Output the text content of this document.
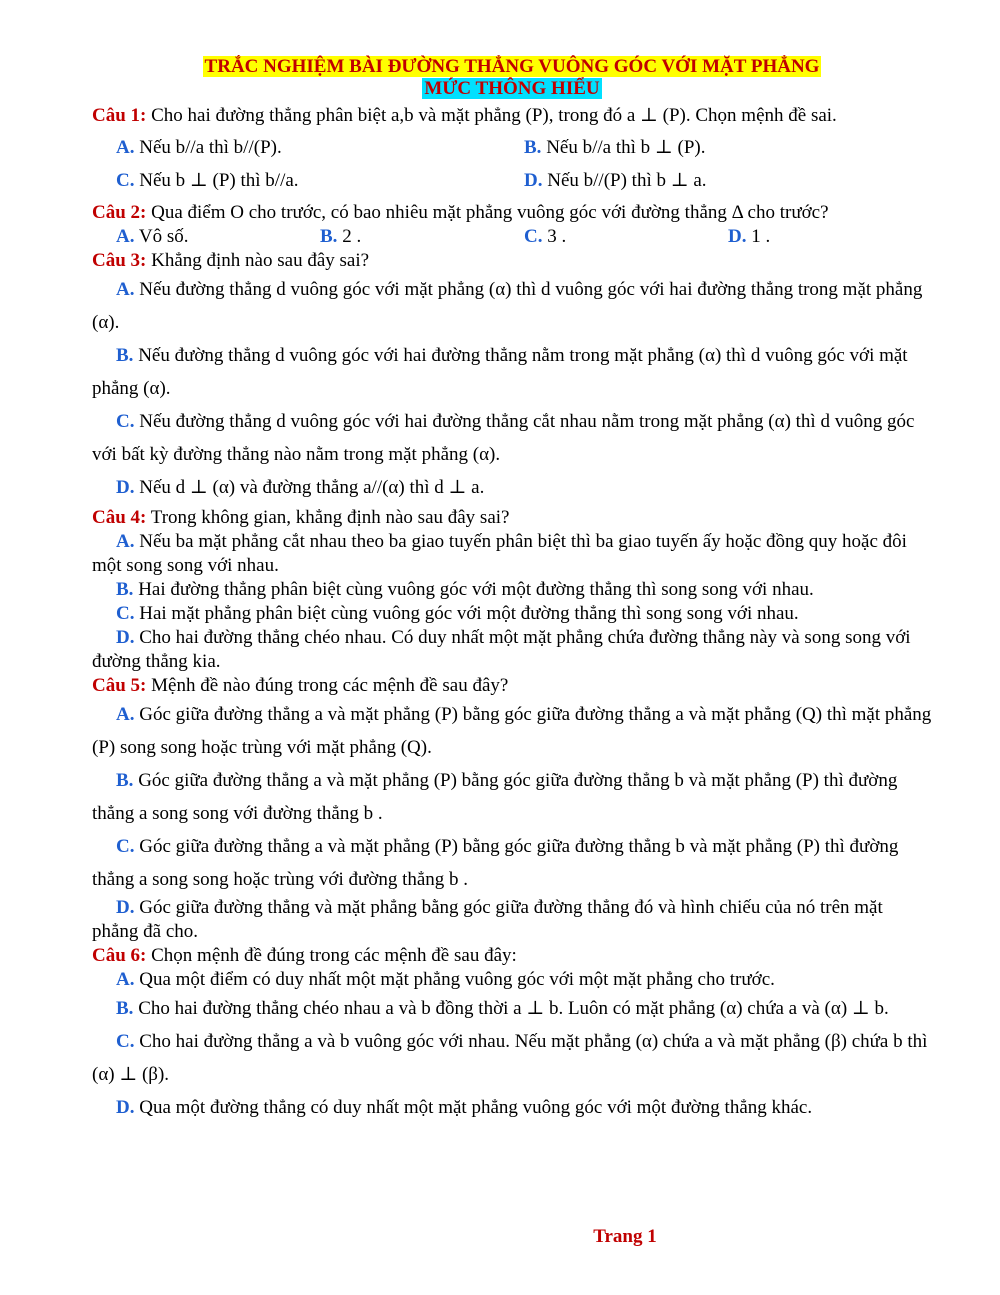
TRẮC NGHIỆM BÀI ĐƯỜNG THẲNG VUÔNG GÓC VỚI MẶT PHẲNG
MỨC THÔNG HIỂU

Câu 1: Cho hai đường thẳng phân biệt a,b và mặt phẳng (P), trong đó a ⊥ (P). Chọn mệnh đề sai.

A. Nếu b//a thì b//(P).	B. Nếu b//a thì b ⊥ (P).
C. Nếu b ⊥ (P) thì b//a.	D. Nếu b//(P) thì b ⊥ a.

Câu 2: Qua điểm O cho trước, có bao nhiêu mặt phẳng vuông góc với đường thẳng Δ cho trước?

A. Vô số.	B. 2 .	C. 3 .	D. 1 .

Câu 3: Khẳng định nào sau đây sai?

A. Nếu đường thẳng d vuông góc với mặt phẳng (α) thì d vuông góc với hai đường thẳng trong mặt phẳng (α).

B. Nếu đường thẳng d vuông góc với hai đường thẳng nằm trong mặt phẳng (α) thì d vuông góc với mặt phẳng (α).

C. Nếu đường thẳng d vuông góc với hai đường thẳng cắt nhau nằm trong mặt phẳng (α) thì d vuông góc với bất kỳ đường thẳng nào nằm trong mặt phẳng (α).

D. Nếu d ⊥ (α) và đường thẳng a//(α) thì d ⊥ a.

Câu 4: Trong không gian, khẳng định nào sau đây sai?

A. Nếu ba mặt phẳng cắt nhau theo ba giao tuyến phân biệt thì ba giao tuyến ấy hoặc đồng quy hoặc đôi một song song với nhau.

B. Hai đường thẳng phân biệt cùng vuông góc với một đường thẳng thì song song với nhau.

C. Hai mặt phẳng phân biệt cùng vuông góc với một đường thẳng thì song song với nhau.

D. Cho hai đường thẳng chéo nhau. Có duy nhất một mặt phẳng chứa đường thẳng này và song song với đường thẳng kia.

Câu 5: Mệnh đề nào đúng trong các mệnh đề sau đây?

A. Góc giữa đường thẳng a và mặt phẳng (P) bằng góc giữa đường thẳng a và mặt phẳng (Q) thì mặt phẳng (P) song song hoặc trùng với mặt phẳng (Q).

B. Góc giữa đường thẳng a và mặt phẳng (P) bằng góc giữa đường thẳng b và mặt phẳng (P) thì đường thẳng a song song với đường thẳng b .

C. Góc giữa đường thẳng a và mặt phẳng (P) bằng góc giữa đường thẳng b và mặt phẳng (P) thì đường thẳng a song song hoặc trùng với đường thẳng b .

D. Góc giữa đường thẳng và mặt phẳng bằng góc giữa đường thẳng đó và hình chiếu của nó trên mặt phẳng đã cho.

Câu 6: Chọn mệnh đề đúng trong các mệnh đề sau đây:

A. Qua một điểm có duy nhất một mặt phẳng vuông góc với một mặt phẳng cho trước.

B. Cho hai đường thẳng chéo nhau a và b đồng thời a ⊥ b. Luôn có mặt phẳng (α) chứa a và (α) ⊥ b.

C. Cho hai đường thẳng a và b vuông góc với nhau. Nếu mặt phẳng (α) chứa a và mặt phẳng (β) chứa b thì (α) ⊥ (β).

D. Qua một đường thẳng có duy nhất một mặt phẳng vuông góc với một đường thẳng khác.

Trang 1
